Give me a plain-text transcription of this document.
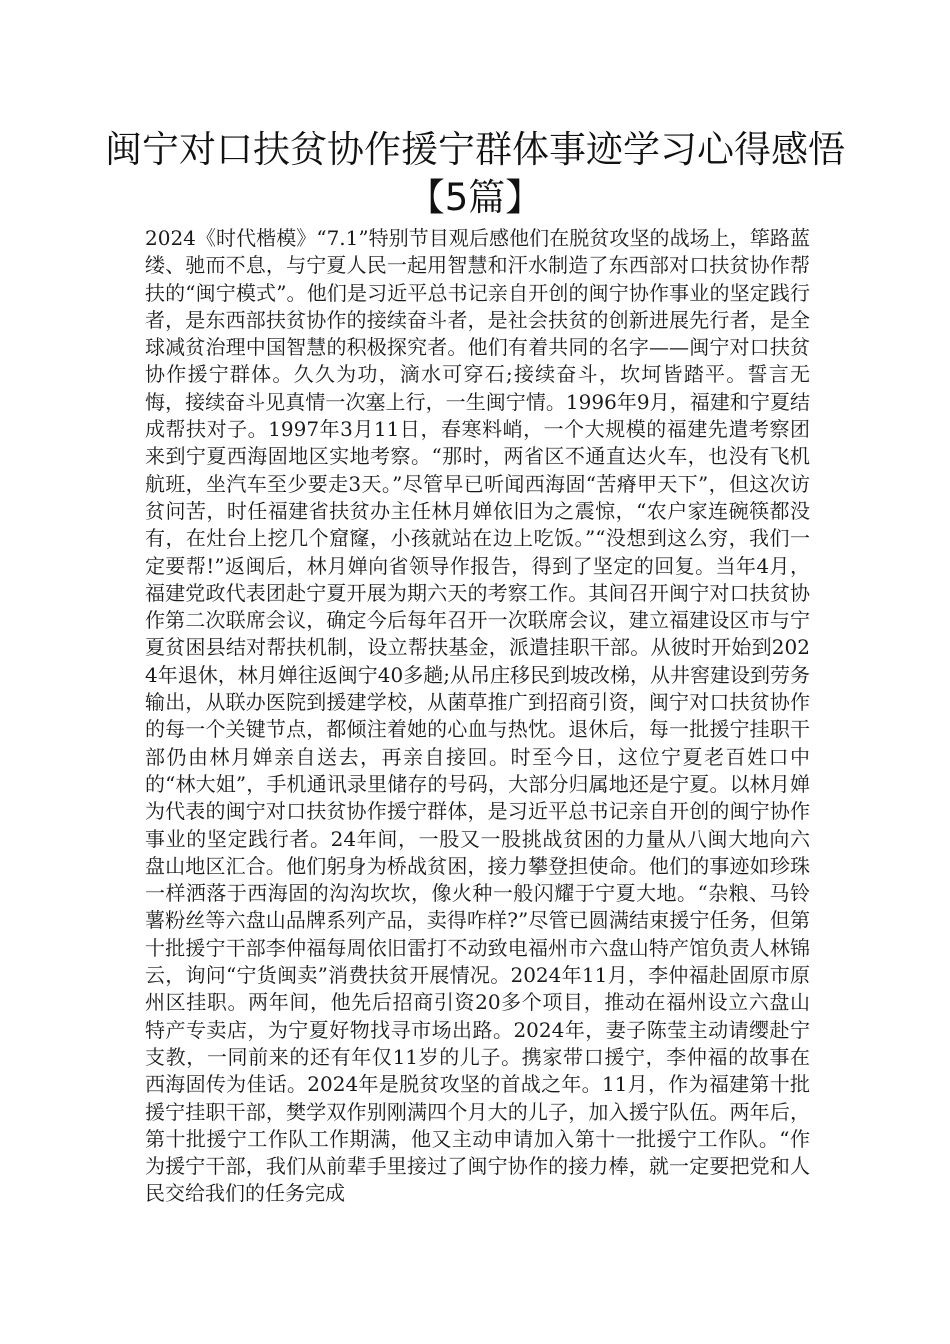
闽宁对口扶贫协作援宁群体事迹学习心得感悟【5篇】

2024《时代楷模》“7.1”特别节目观后感他们在脱贫攻坚的战场上，筚路蓝缕、驰而不息，与宁夏人民一起用智慧和汗水制造了东西部对口扶贫协作帮扶的“闽宁模式”。他们是习近平总书记亲自开创的闽宁协作事业的坚定践行者，是东西部扶贫协作的接续奋斗者，是社会扶贫的创新进展先行者，是全球减贫治理中国智慧的积极探究者。他们有着共同的名字——闽宁对口扶贫协作援宁群体。久久为功，滴水可穿石;接续奋斗，坎坷皆踏平。誓言无悔，接续奋斗见真情一次塞上行，一生闽宁情。1996年9月，福建和宁夏结成帮扶对子。1997年3月11日，春寒料峭，一个大规模的福建先遣考察团来到宁夏西海固地区实地考察。“那时，两省区不通直达火车，也没有飞机航班，坐汽车至少要走3天。”尽管早已听闻西海固“苦瘠甲天下”，但这次访贫问苦，时任福建省扶贫办主任林月婵依旧为之震惊，“农户家连碗筷都没有，在灶台上挖几个窟窿，小孩就站在边上吃饭。”“没想到这么穷，我们一定要帮!”返闽后，林月婵向省领导作报告，得到了坚定的回复。当年4月，福建党政代表团赴宁夏开展为期六天的考察工作。其间召开闽宁对口扶贫协作第二次联席会议，确定今后每年召开一次联席会议，建立福建设区市与宁夏贫困县结对帮扶机制，设立帮扶基金，派遣挂职干部。从彼时开始到2024年退休，林月婵往返闽宁40多趟;从吊庄移民到坡改梯，从井窖建设到劳务输出，从联办医院到援建学校，从菌草推广到招商引资，闽宁对口扶贫协作的每一个关键节点，都倾注着她的心血与热忱。退休后，每一批援宁挂职干部仍由林月婵亲自送去，再亲自接回。时至今日，这位宁夏老百姓口中的“林大姐”，手机通讯录里储存的号码，大部分归属地还是宁夏。以林月婵为代表的闽宁对口扶贫协作援宁群体，是习近平总书记亲自开创的闽宁协作事业的坚定践行者。24年间，一股又一股挑战贫困的力量从八闽大地向六盘山地区汇合。他们躬身为桥战贫困，接力攀登担使命。他们的事迹如珍珠一样洒落于西海固的沟沟坎坎，像火种一般闪耀于宁夏大地。“杂粮、马铃薯粉丝等六盘山品牌系列产品，卖得咋样?”尽管已圆满结束援宁任务，但第十批援宁干部李仲福每周依旧雷打不动致电福州市六盘山特产馆负责人林锦云，询问“宁货闽卖”消费扶贫开展情况。2024年11月，李仲福赴固原市原州区挂职。两年间，他先后招商引资20多个项目，推动在福州设立六盘山特产专卖店，为宁夏好物找寻市场出路。2024年，妻子陈莹主动请缨赴宁支教，一同前来的还有年仅11岁的儿子。携家带口援宁，李仲福的故事在西海固传为佳话。2024年是脱贫攻坚的首战之年。11月，作为福建第十批援宁挂职干部，樊学双作别刚满四个月大的儿子，加入援宁队伍。两年后，第十批援宁工作队工作期满，他又主动申请加入第十一批援宁工作队。“作为援宁干部，我们从前辈手里接过了闽宁协作的接力棒，就一定要把党和人民交给我们的任务完成
